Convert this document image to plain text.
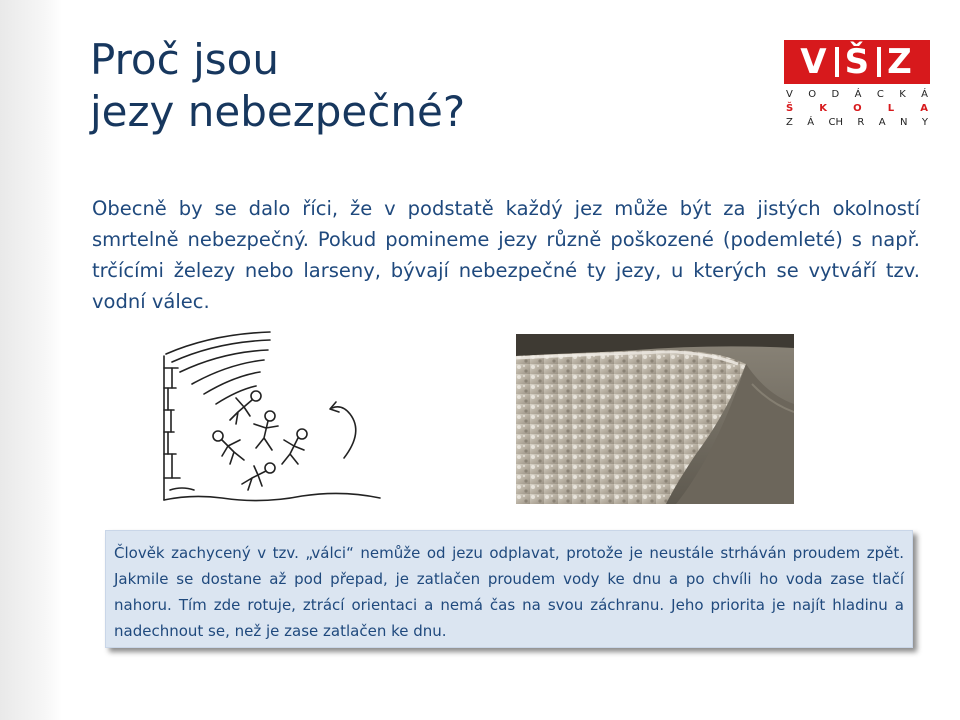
Proč jsou
jezy nebezpečné?
V Š Z
V O D Á C K Á
Š	K	O	L	A
Z Á CH R A N Y

Obecně by se dalo říci, že v podstatě každý jez může být za jistých okolností smrtelně nebezpečný. Pokud pomineme jezy různě poškozené (podemleté) s např. trčícími železy nebo larseny, bývají nebezpečné ty jezy, u kterých se vytváří tzv. vodní válec.

Člověk zachycený v tzv. „válci“ nemůže od jezu odplavat, protože je neustále strháván proudem zpět. Jakmile se dostane až pod přepad, je zatlačen proudem vody ke dnu a po chvíli ho voda zase tlačí nahoru. Tím zde rotuje, ztrácí orientaci a nemá čas na svou záchranu. Jeho priorita je najít hladinu a nadechnout se, než je zase zatlačen ke dnu.
